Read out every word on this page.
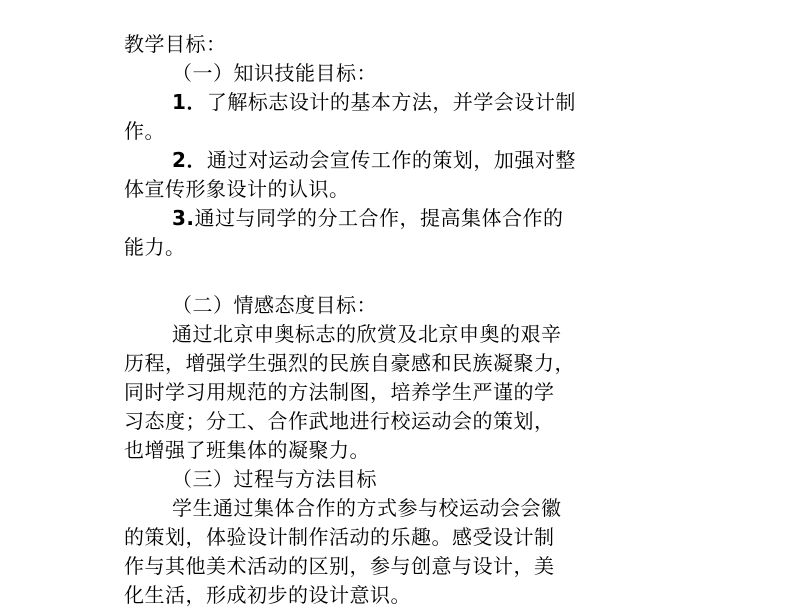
教学目标：
（一）知识技能目标：
1．了解标志设计的基本方法，并学会设计制
作。
2．通过对运动会宣传工作的策划，加强对整
体宣传形象设计的认识。
3.通过与同学的分工合作，提高集体合作的
能力。
（二）情感态度目标：
通过北京申奥标志的欣赏及北京申奥的艰辛
历程，增强学生强烈的民族自豪感和民族凝聚力，
同时学习用规范的方法制图，培养学生严谨的学
习态度；分工、合作武地进行校运动会的策划，
也增强了班集体的凝聚力。
（三）过程与方法目标
学生通过集体合作的方式参与校运动会会徽
的策划，体验设计制作活动的乐趣。感受设计制
作与其他美术活动的区别，参与创意与设计，美
化生活，形成初步的设计意识。
